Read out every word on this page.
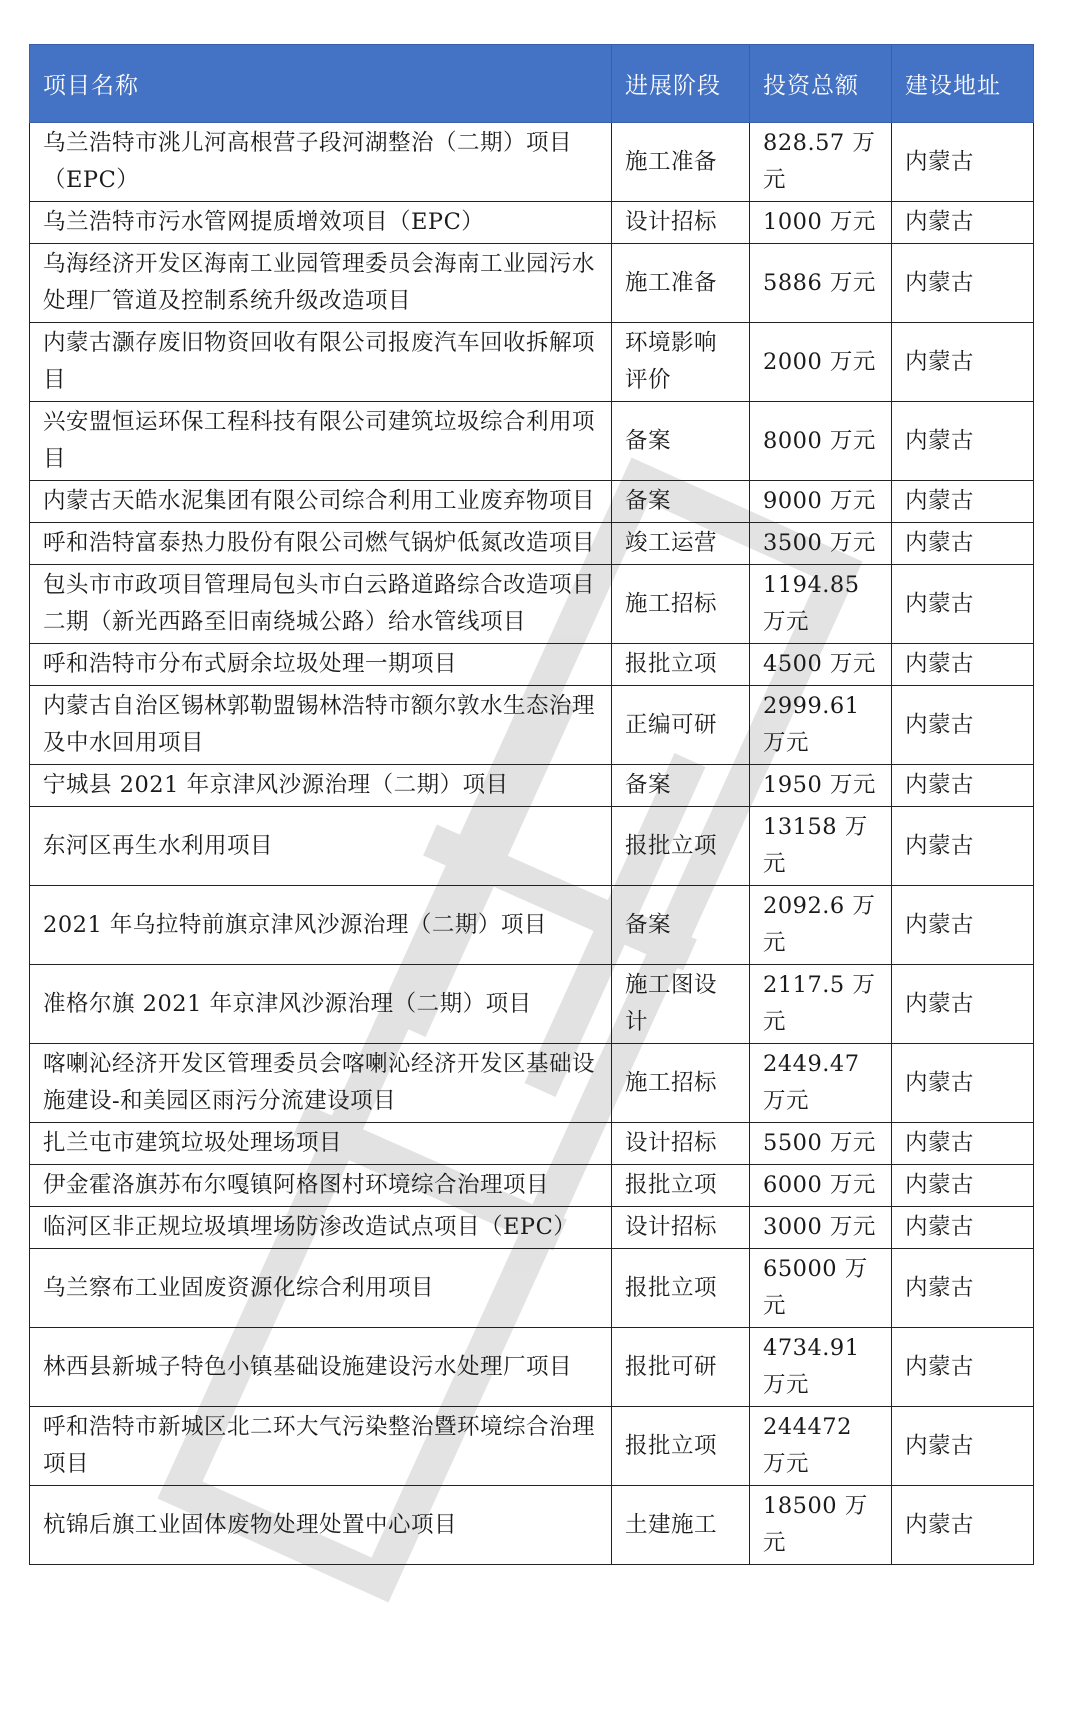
项目名称	进展阶段	投资总额	建设地址
乌兰浩特市洮儿河高根营子段河湖整治（二期）项目（EPC）	施工准备	828.57 万元	内蒙古
乌兰浩特市污水管网提质增效项目（EPC）	设计招标	1000 万元	内蒙古
乌海经济开发区海南工业园管理委员会海南工业园污水处理厂管道及控制系统升级改造项目	施工准备	5886 万元	内蒙古
内蒙古灏存废旧物资回收有限公司报废汽车回收拆解项目	环境影响评价	2000 万元	内蒙古
兴安盟恒运环保工程科技有限公司建筑垃圾综合利用项目	备案	8000 万元	内蒙古
内蒙古天皓水泥集团有限公司综合利用工业废弃物项目	备案	9000 万元	内蒙古
呼和浩特富泰热力股份有限公司燃气锅炉低氮改造项目	竣工运营	3500 万元	内蒙古
包头市市政项目管理局包头市白云路道路综合改造项目二期（新光西路至旧南绕城公路）给水管线项目	施工招标	1194.85 万元	内蒙古
呼和浩特市分布式厨余垃圾处理一期项目	报批立项	4500 万元	内蒙古
内蒙古自治区锡林郭勒盟锡林浩特市额尔敦水生态治理及中水回用项目	正编可研	2999.61 万元	内蒙古
宁城县 2021 年京津风沙源治理（二期）项目	备案	1950 万元	内蒙古
东河区再生水利用项目	报批立项	13158 万元	内蒙古
2021 年乌拉特前旗京津风沙源治理（二期）项目	备案	2092.6 万元	内蒙古
准格尔旗 2021 年京津风沙源治理（二期）项目	施工图设计	2117.5 万元	内蒙古
喀喇沁经济开发区管理委员会喀喇沁经济开发区基础设施建设-和美园区雨污分流建设项目	施工招标	2449.47 万元	内蒙古
扎兰屯市建筑垃圾处理场项目	设计招标	5500 万元	内蒙古
伊金霍洛旗苏布尔嘎镇阿格图村环境综合治理项目	报批立项	6000 万元	内蒙古
临河区非正规垃圾填埋场防渗改造试点项目（EPC）	设计招标	3000 万元	内蒙古
乌兰察布工业固废资源化综合利用项目	报批立项	65000 万元	内蒙古
林西县新城子特色小镇基础设施建设污水处理厂项目	报批可研	4734.91 万元	内蒙古
呼和浩特市新城区北二环大气污染整治暨环境综合治理项目	报批立项	244472 万元	内蒙古
杭锦后旗工业固体废物处理处置中心项目	土建施工	18500 万元	内蒙古
